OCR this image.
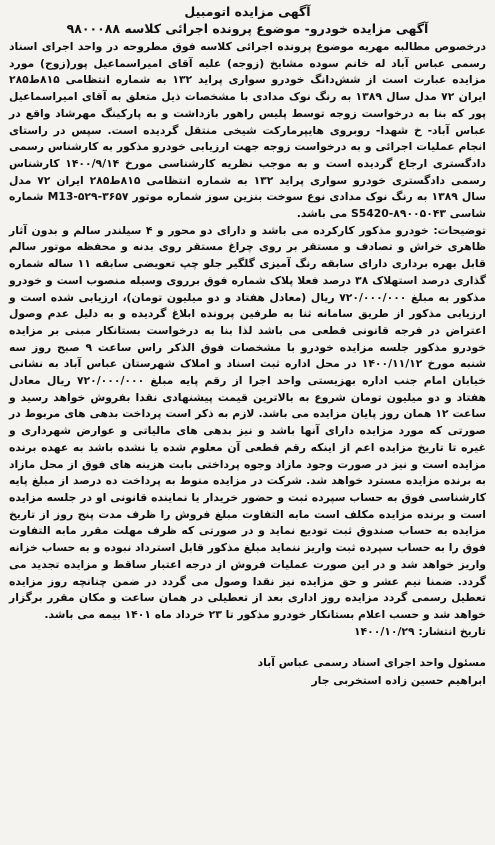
آگهی مزایده اتومبیل
آگهی مزایده خودرو- موضوع پرونده اجرائی کلاسه ۹۸۰۰۰۸۸

درخصوص مطالبه مهریه موضوع پرونده اجرائی کلاسه فوق مطروحه در واحد اجرای اسناد رسمی عباس آباد له خانم سوده مشایخ (زوجه) علیه آقای امیراسماعیل پور(زوج) مورد مزایده عبارت است از شش‌دانگ خودرو سواری پراید ۱۳۲ به شماره انتظامی ۸۱۵ط۲۸۵ ایران ۷۲ مدل سال ۱۳۸۹ به رنگ نوک مدادی با مشخصات ذیل متعلق به آقای امیراسماعیل پور که بنا به درخواست زوجه توسط پلیس راهور بازداشت و به پارکینگ مهرشاد واقع در عباس آباد- خ شهدا- روبروی هایپرمارکت شیخی منتقل گردیده است. سپس در راستای انجام عملیات اجرائی و به درخواست زوجه جهت ارزیابی خودرو مذکور به کارشناس رسمی دادگستری ارجاع گردیده است و به موجب نظریه کارشناسی مورخ ۱۴۰۰/۹/۱۴ کارشناس رسمی دادگستری خودرو سواری پراید ۱۳۲ به شماره انتظامی ۸۱۵ط۲۸۵ ایران ۷۲ مدل سال ۱۳۸۹ به رنگ نوک مدادی نوع سوخت بنزین سوز شماره موتور M13-۵۲۹-۳۶۵۷ شماره شاسی ۸۹۰۰۵۰۴۳-S5420 می باشد.

توضیحات: خودرو مذکور کارکرده می باشد و دارای دو محور و ۴ سیلندر سالم و بدون آثار ظاهری خراش و تصادف و مستقر بر روی چراغ مستقر روی بدنه و محفظه موتور سالم قابل بهره برداری دارای سابقه رنگ آمیزی گلگیر جلو چپ تعویضی سابقه ۱۱ ساله شماره گذاری درصد استهلاک ۳۸ درصد فعلا پلاک شماره فوق برروی وسیله منصوب است و خودرو مذکور به مبلغ ۷۲۰/۰۰۰/۰۰۰ ریال (معادل هفتاد و دو میلیون تومان)، ارزیابی شده است و ارزیابی مذکور از طریق سامانه ثنا به طرفین پرونده ابلاغ گردیده و به دلیل عدم وصول اعتراض در فرجه قانونی قطعی می باشد لذا بنا به درخواست بستانکار مبنی بر مزایده خودرو مذکور جلسه مزایده خودرو با مشخصات فوق الذکر راس ساعت ۹ صبح روز سه شنبه مورخ ۱۴۰۰/۱۱/۱۲ در محل اداره ثبت اسناد و املاک شهرستان عباس آباد به نشانی خیابان امام جنب اداره بهزیستی واحد اجرا از رقم پایه مبلغ ۷۲۰/۰۰۰/۰۰۰ ریال معادل هفتاد و دو میلیون تومان شروع به بالاترین قیمت پیشنهادی نقدا بفروش خواهد رسید و ساعت ۱۲ همان روز پایان مزایده می باشد. لازم به ذکر است پرداخت بدهی های مربوط در صورتی که مورد مزایده دارای آنها باشد و نیز بدهی های مالیاتی و عوارض شهرداری و غیره تا تاریخ مزایده اعم از اینکه رقم قطعی آن معلوم شده یا نشده باشد به عهده برنده مزایده است و نیز در صورت وجود مازاد وجوه پرداختی بابت هزینه های فوق از محل مازاد به برنده مزایده مسترد خواهد شد. شرکت در مزایده منوط به پرداخت ده درصد از مبلغ پایه کارشناسی فوق به حساب سپرده ثبت و حضور خریدار یا نماینده قانونی او در جلسه مزایده است و برنده مزایده مکلف است مابه التفاوت مبلغ فروش را ظرف مدت پنج روز از تاریخ مزایده به حساب صندوق ثبت تودیع نماید و در صورتی که ظرف مهلت مقرر مابه التفاوت فوق را به حساب سپرده ثبت واریز ننماید مبلغ مذکور قابل استرداد نبوده و به حساب خزانه واریز خواهد شد و در این صورت عملیات فروش از درجه اعتبار ساقط و مزایده تجدید می گردد. ضمنا نیم عشر و حق مزایده نیز نقدا وصول می گردد در ضمن چنانچه روز مزایده تعطیل رسمی گردد مزایده روز اداری بعد از تعطیلی در همان ساعت و مکان مقرر برگزار خواهد شد و حسب اعلام بستانکار خودرو مذکور تا ۲۳ خرداد ماه ۱۴۰۱ بیمه می باشد.

تاریخ انتشار: ۱۴۰۰/۱۰/۲۹

مسئول واحد اجرای اسناد رسمی عباس آباد
ابراهیم حسین زاده استخربی جار
